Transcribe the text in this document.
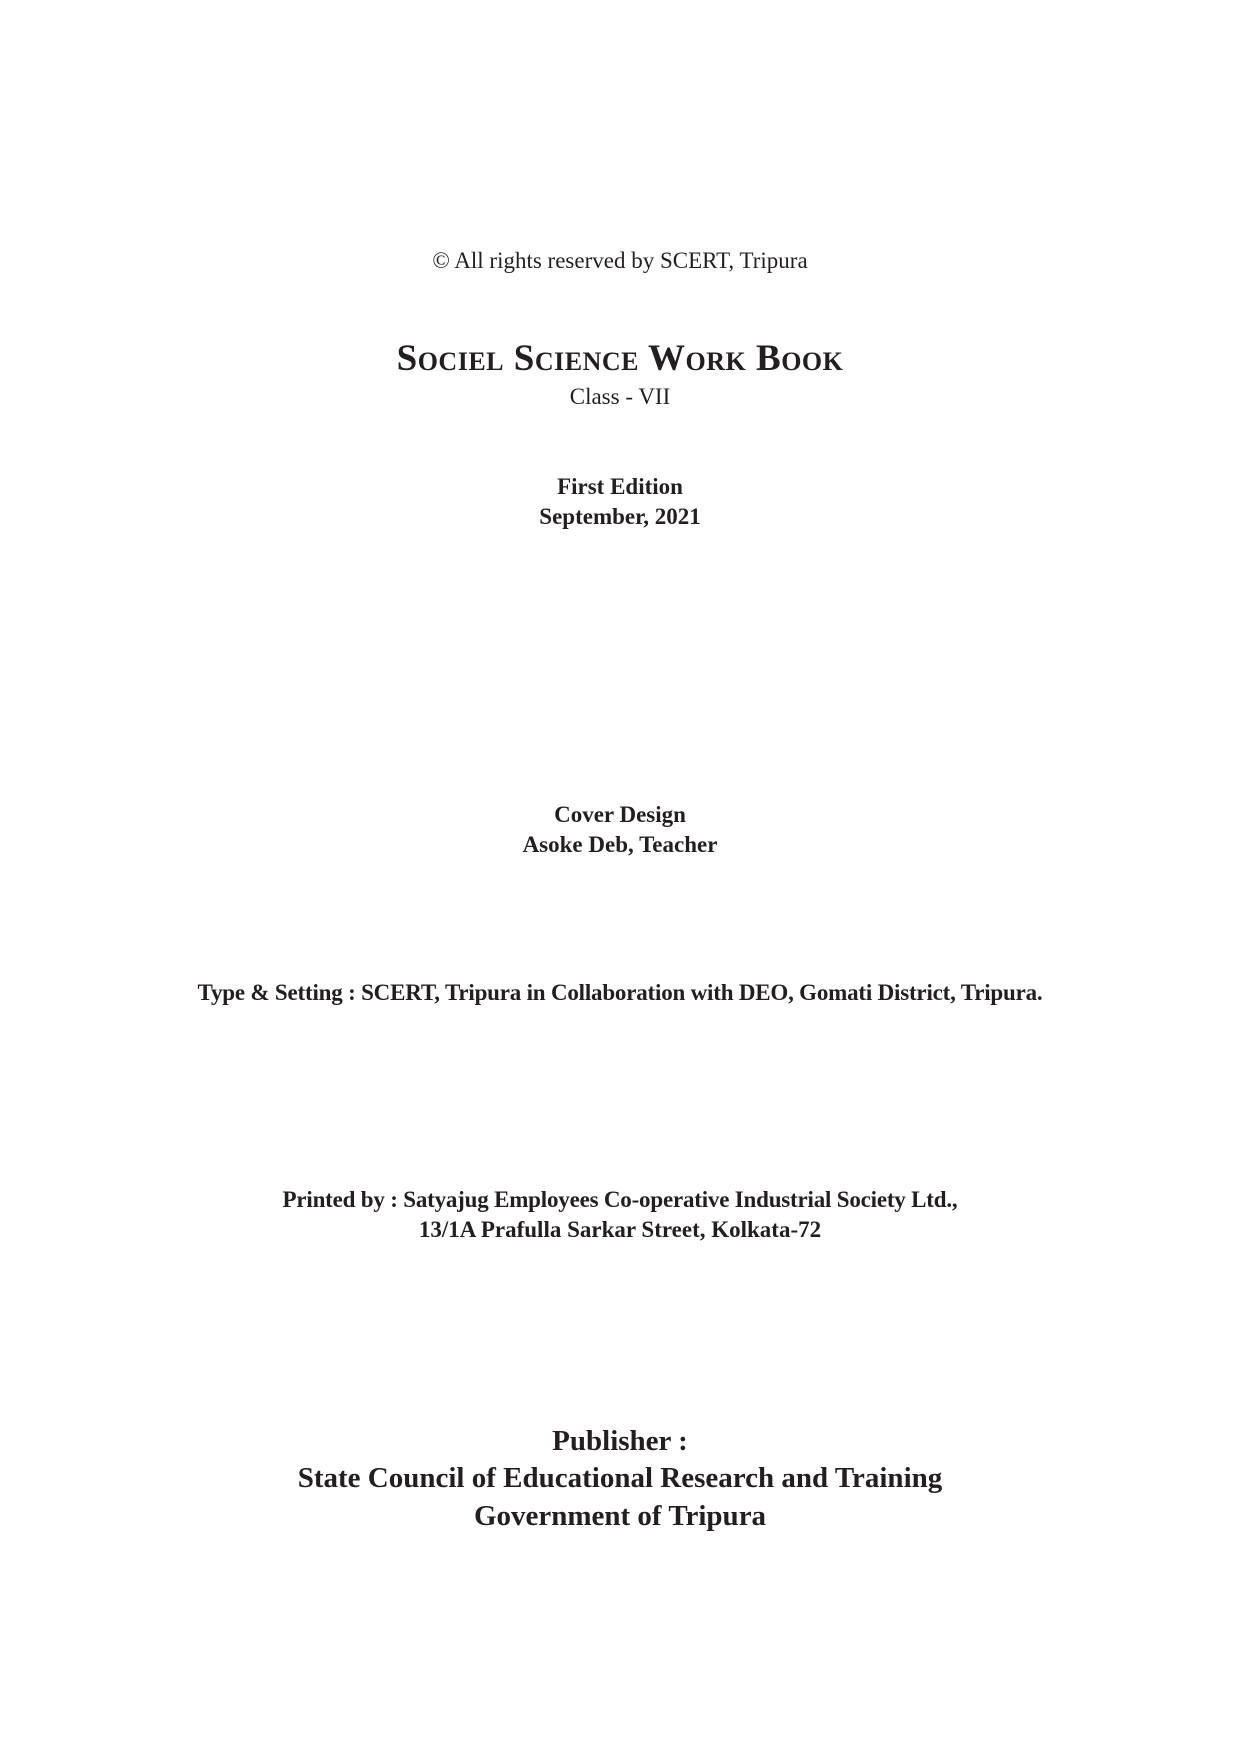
© All rights reserved by SCERT, Tripura
Sociel Science Work Book
Class - VII
First Edition
September, 2021
Cover Design
Asoke Deb, Teacher
Type & Setting : SCERT, Tripura in Collaboration with DEO, Gomati District, Tripura.
Printed by : Satyajug Employees Co-operative Industrial Society Ltd.,
13/1A Prafulla Sarkar Street, Kolkata-72
Publisher :
State Council of Educational Research and Training
Government of Tripura
